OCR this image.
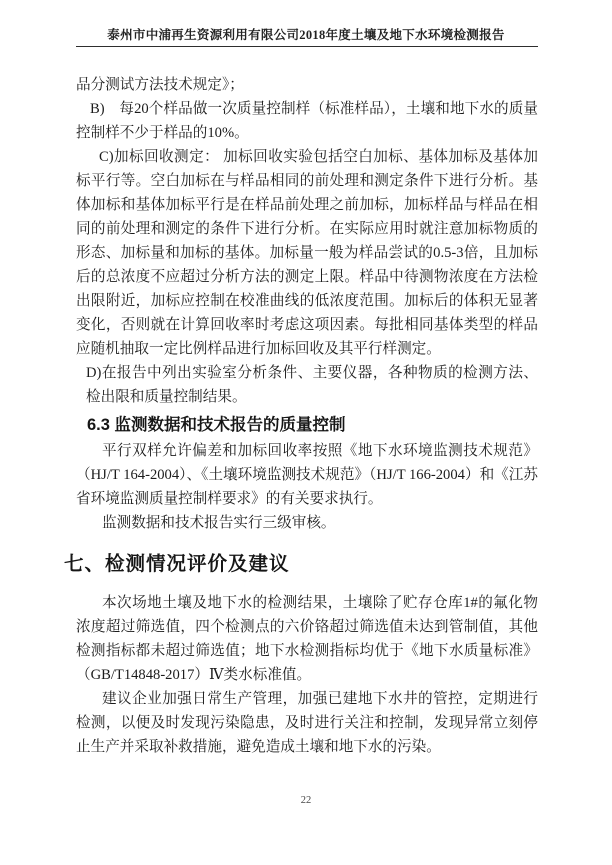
泰州市中浦再生资源利用有限公司2018年度土壤及地下水环境检测报告

品分测试方法技术规定》；

B)　每20个样品做一次质量控制样（标准样品），土壤和地下水的质量控制样不少于样品的10%。

C)加标回收测定： 加标回收实验包括空白加标、基体加标及基体加标平行等。空白加标在与样品相同的前处理和测定条件下进行分析。基体加标和基体加标平行是在样品前处理之前加标，加标样品与样品在相同的前处理和测定的条件下进行分析。在实际应用时就注意加标物质的形态、加标量和加标的基体。加标量一般为样品尝试的0.5-3倍，且加标后的总浓度不应超过分析方法的测定上限。样品中待测物浓度在方法检出限附近，加标应控制在校准曲线的低浓度范围。加标后的体积无显著变化，否则就在计算回收率时考虑这项因素。每批相同基体类型的样品应随机抽取一定比例样品进行加标回收及其平行样测定。

D)在报告中列出实验室分析条件、主要仪器，各种物质的检测方法、检出限和质量控制结果。

6.3 监测数据和技术报告的质量控制

平行双样允许偏差和加标回收率按照《地下水环境监测技术规范》（HJ/T 164-2004）、《土壤环境监测技术规范》（HJ/T 166-2004）和《江苏省环境监测质量控制样要求》的有关要求执行。

监测数据和技术报告实行三级审核。

七、检测情况评价及建议

本次场地土壤及地下水的检测结果，土壤除了贮存仓库1#的氟化物浓度超过筛选值，四个检测点的六价铬超过筛选值未达到管制值，其他检测指标都未超过筛选值；地下水检测指标均优于《地下水质量标准》（GB/T14848-2017）Ⅳ类水标准值。

建议企业加强日常生产管理，加强已建地下水井的管控，定期进行检测，以便及时发现污染隐患，及时进行关注和控制，发现异常立刻停止生产并采取补救措施，避免造成土壤和地下水的污染。

22
